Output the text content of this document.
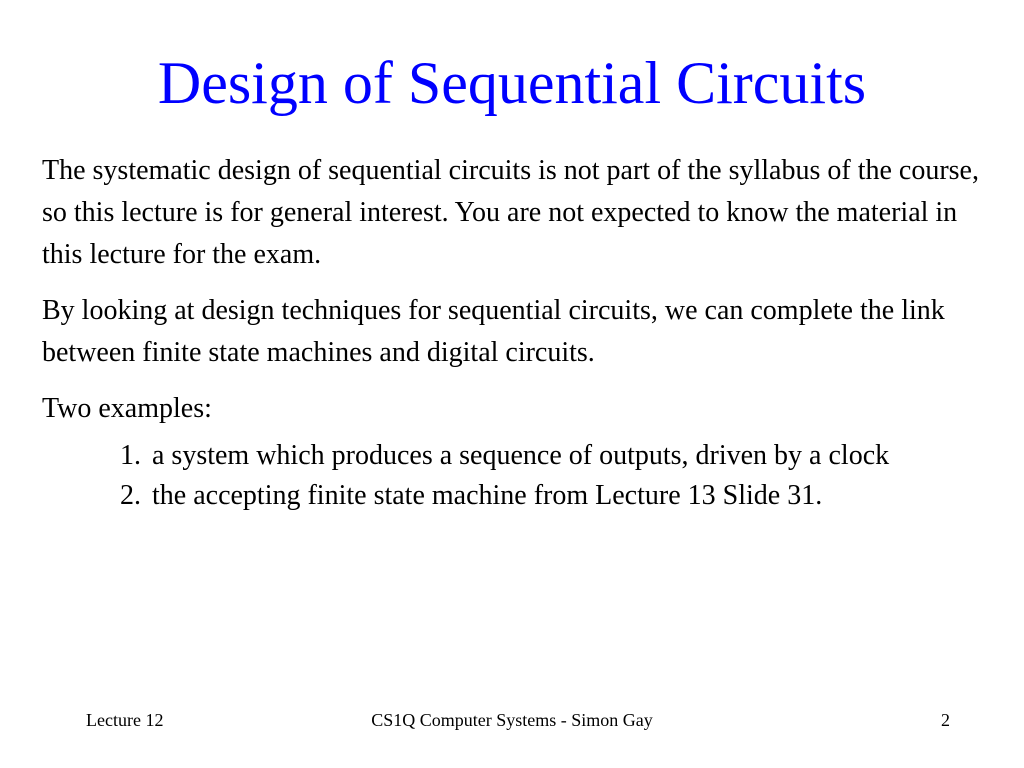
Design of Sequential Circuits

The systematic design of sequential circuits is not part of the syllabus of the course, so this lecture is for general interest. You are not expected to know the material in this lecture for the exam.

By looking at design techniques for sequential circuits, we can complete the link between finite state machines and digital circuits.

Two examples:

1. a system which produces a sequence of outputs, driven by a clock
2. the accepting finite state machine from Lecture 13 Slide 31.
Lecture 12	CS1Q Computer Systems - Simon Gay	2
